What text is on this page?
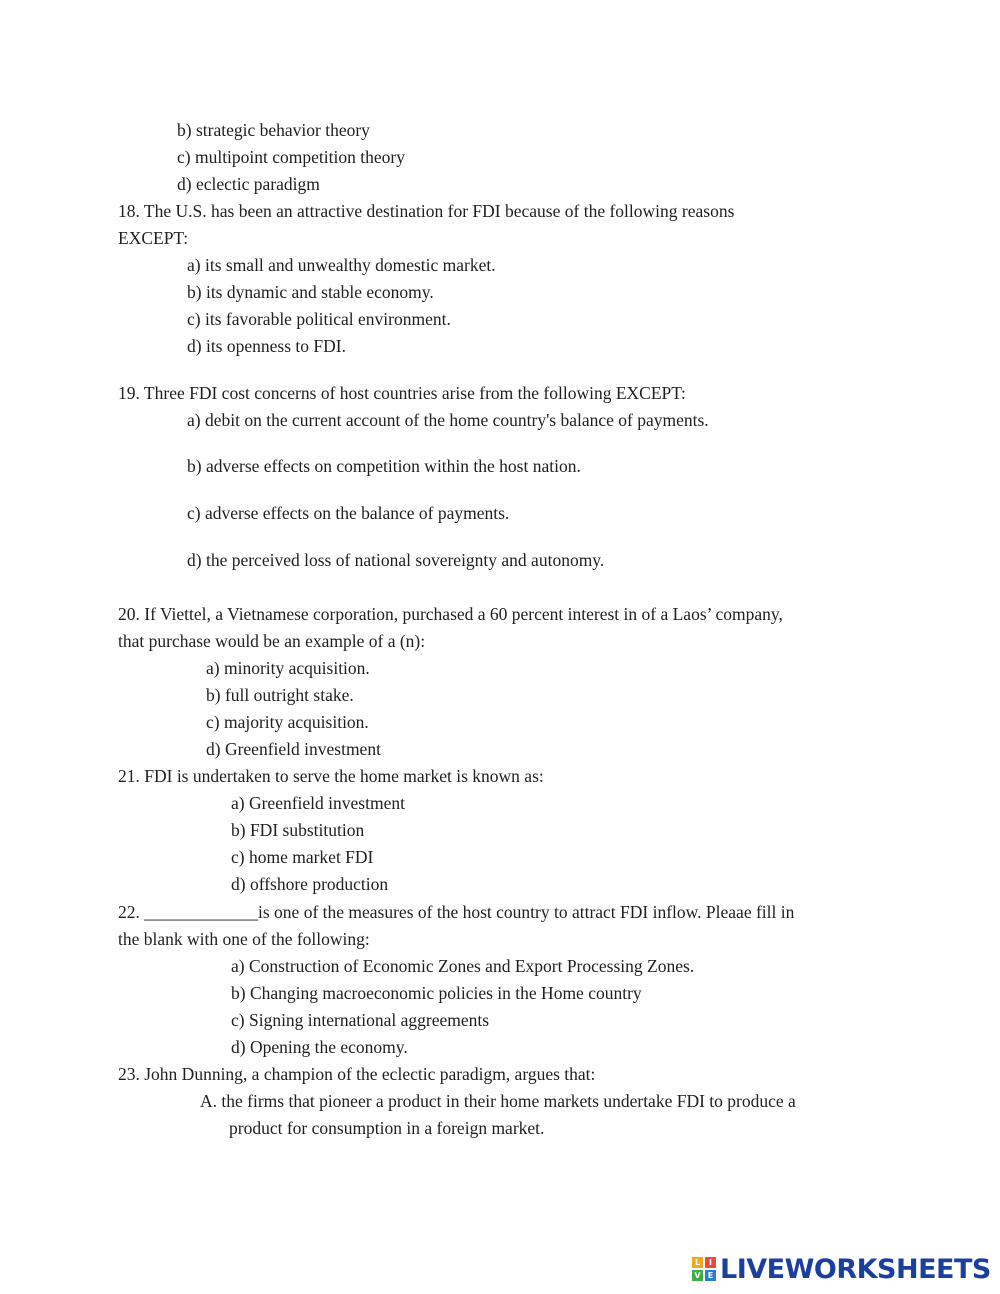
b) strategic behavior theory
c) multipoint competition theory
d) eclectic paradigm
18. The U.S. has been an attractive destination for FDI because of the following reasons
EXCEPT:
a) its small and unwealthy domestic market.
b) its dynamic and stable economy.
c) its favorable political environment.
d) its openness to FDI.
19. Three FDI cost concerns of host countries arise from the following EXCEPT:
a) debit on the current account of the home country's balance of payments.
b) adverse effects on competition within the host nation.
c) adverse effects on the balance of payments.
d) the perceived loss of national sovereignty and autonomy.
20. If Viettel, a Vietnamese corporation, purchased a 60 percent interest in of a Laos’ company,
that purchase would be an example of a (n):
a) minority acquisition.
b) full outright stake.
c) majority acquisition.
d) Greenfield investment
21. FDI is undertaken to serve the home market is known as:
a) Greenfield investment
b) FDI substitution
c) home market FDI
d) offshore production
22. _____________is one of the measures of the host country to attract FDI inflow. Pleaae fill in
the blank with one of the following:
a) Construction of Economic Zones and Export Processing Zones.
b) Changing macroeconomic policies in the Home country
c) Signing international aggreements
d) Opening the economy.
23. John Dunning, a champion of the eclectic paradigm, argues that:
A. the firms that pioneer a product in their home markets undertake FDI to produce a
product for consumption in a foreign market.
L	I
V E LIVEWORKSHEETS
